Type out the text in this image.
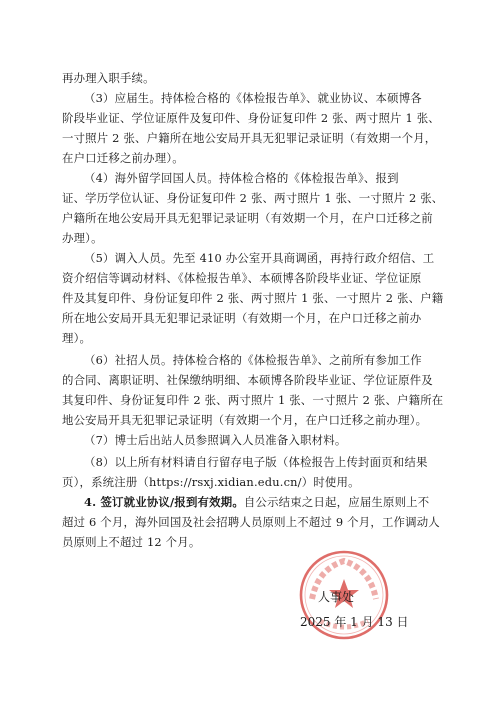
再办理入职手续。

（3）应届生。持体检合格的《体检报告单》、就业协议、本硕博各
阶段毕业证、学位证原件及复印件、身份证复印件 2 张、两寸照片 1 张、
一寸照片 2 张、户籍所在地公安局开具无犯罪记录证明（有效期一个月，
在户口迁移之前办理）。

（4）海外留学回国人员。持体检合格的《体检报告单》、报到
证、学历学位认证、身份证复印件 2 张、两寸照片 1 张、一寸照片 2 张、
户籍所在地公安局开具无犯罪记录证明（有效期一个月，在户口迁移之前
办理）。

（5）调入人员。先至 410 办公室开具商调函，再持行政介绍信、工
资介绍信等调动材料、《体检报告单》、本硕博各阶段毕业证、学位证原
件及其复印件、身份证复印件 2 张、两寸照片 1 张、一寸照片 2 张、户籍
所在地公安局开具无犯罪记录证明（有效期一个月，在户口迁移之前办
理）。

（6）社招人员。持体检合格的《体检报告单》、之前所有参加工作
的合同、离职证明、社保缴纳明细、本硕博各阶段毕业证、学位证原件及
其复印件、身份证复印件 2 张、两寸照片 1 张、一寸照片 2 张、户籍所在
地公安局开具无犯罪记录证明（有效期一个月，在户口迁移之前办理）。

（7）博士后出站人员参照调入人员准备入职材料。

（8）以上所有材料请自行留存电子版（体检报告上传封面页和结果
页），系统注册（https://rsxj.xidian.edu.cn/）时使用。

4. 签订就业协议/报到有效期。自公示结束之日起，应届生原则上不
超过 6 个月，海外回国及社会招聘人员原则上不超过 9 个月，工作调动人
员原则上不超过 12 个月。

人事处
2025 年 1 月 13 日
